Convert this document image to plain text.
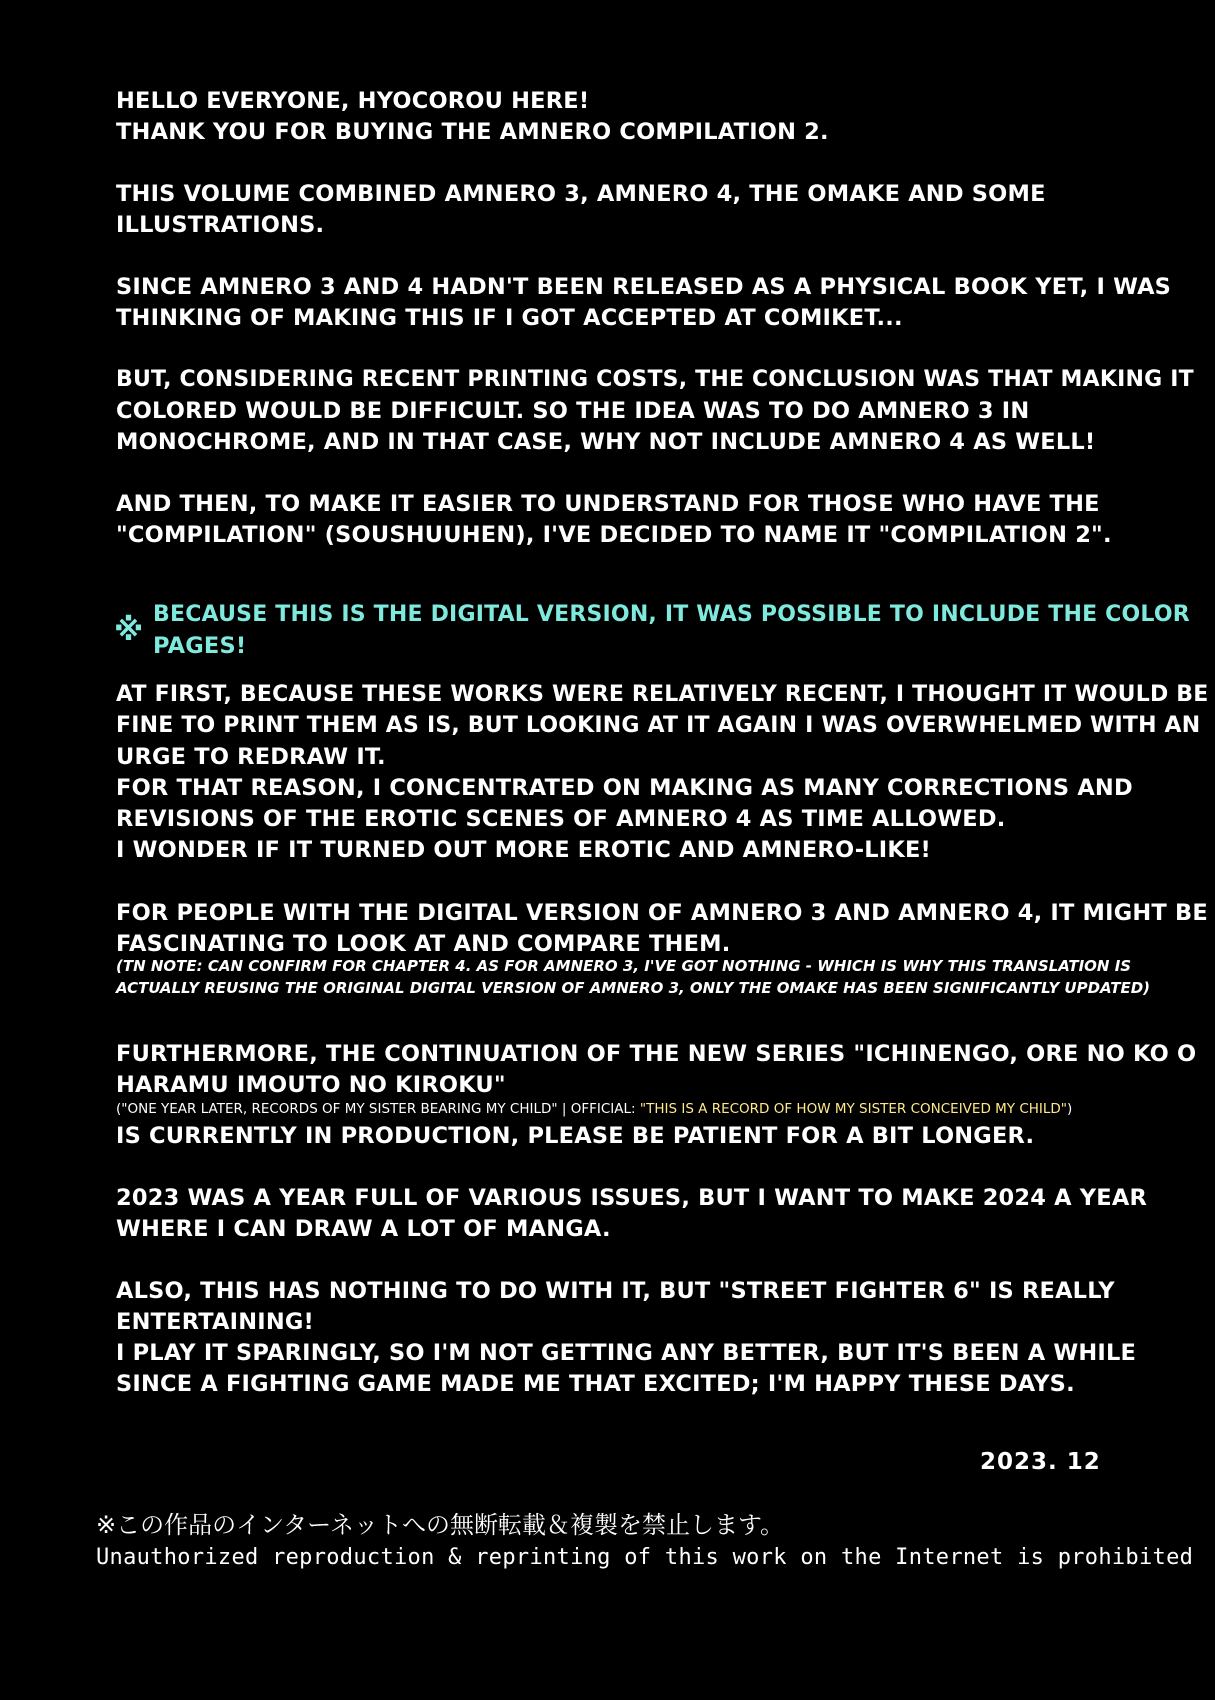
HELLO EVERYONE, HYOCOROU HERE!
THANK YOU FOR BUYING THE AMNERO COMPILATION 2.
THIS VOLUME COMBINED AMNERO 3, AMNERO 4, THE OMAKE AND SOME
ILLUSTRATIONS.
SINCE AMNERO 3 AND 4 HADN'T BEEN RELEASED AS A PHYSICAL BOOK YET, I WAS
THINKING OF MAKING THIS IF I GOT ACCEPTED AT COMIKET...
BUT, CONSIDERING RECENT PRINTING COSTS, THE CONCLUSION WAS THAT MAKING IT
COLORED WOULD BE DIFFICULT. SO THE IDEA WAS TO DO AMNERO 3 IN
MONOCHROME, AND IN THAT CASE, WHY NOT INCLUDE AMNERO 4 AS WELL!
AND THEN, TO MAKE IT EASIER TO UNDERSTAND FOR THOSE WHO HAVE THE
"COMPILATION" (SOUSHUUHEN), I'VE DECIDED TO NAME IT "COMPILATION 2".
※ BECAUSE THIS IS THE DIGITAL VERSION, IT WAS POSSIBLE TO INCLUDE THE COLOR
PAGES!
AT FIRST, BECAUSE THESE WORKS WERE RELATIVELY RECENT, I THOUGHT IT WOULD BE
FINE TO PRINT THEM AS IS, BUT LOOKING AT IT AGAIN I WAS OVERWHELMED WITH AN
URGE TO REDRAW IT.
FOR THAT REASON, I CONCENTRATED ON MAKING AS MANY CORRECTIONS AND
REVISIONS OF THE EROTIC SCENES OF AMNERO 4 AS TIME ALLOWED.
I WONDER IF IT TURNED OUT MORE EROTIC AND AMNERO-LIKE!
FOR PEOPLE WITH THE DIGITAL VERSION OF AMNERO 3 AND AMNERO 4, IT MIGHT BE
FASCINATING TO LOOK AT AND COMPARE THEM.
(TN NOTE: CAN CONFIRM FOR CHAPTER 4. AS FOR AMNERO 3, I'VE GOT NOTHING - WHICH IS WHY THIS TRANSLATION IS
ACTUALLY REUSING THE ORIGINAL DIGITAL VERSION OF AMNERO 3, ONLY THE OMAKE HAS BEEN SIGNIFICANTLY UPDATED)
FURTHERMORE, THE CONTINUATION OF THE NEW SERIES "ICHINENGO, ORE NO KO O
HARAMU IMOUTO NO KIROKU"
("ONE YEAR LATER, RECORDS OF MY SISTER BEARING MY CHILD" | OFFICIAL: "THIS IS A RECORD OF HOW MY SISTER CONCEIVED MY CHILD")
IS CURRENTLY IN PRODUCTION, PLEASE BE PATIENT FOR A BIT LONGER.
2023 WAS A YEAR FULL OF VARIOUS ISSUES, BUT I WANT TO MAKE 2024 A YEAR
WHERE I CAN DRAW A LOT OF MANGA.
ALSO, THIS HAS NOTHING TO DO WITH IT, BUT "STREET FIGHTER 6" IS REALLY
ENTERTAINING!
I PLAY IT SPARINGLY, SO I'M NOT GETTING ANY BETTER, BUT IT'S BEEN A WHILE
SINCE A FIGHTING GAME MADE ME THAT EXCITED; I'M HAPPY THESE DAYS.
2023. 12
※この作品のインターネットへの無断転載＆複製を禁止します。
Unauthorized reproduction & reprinting of this work on the Internet is prohibited
